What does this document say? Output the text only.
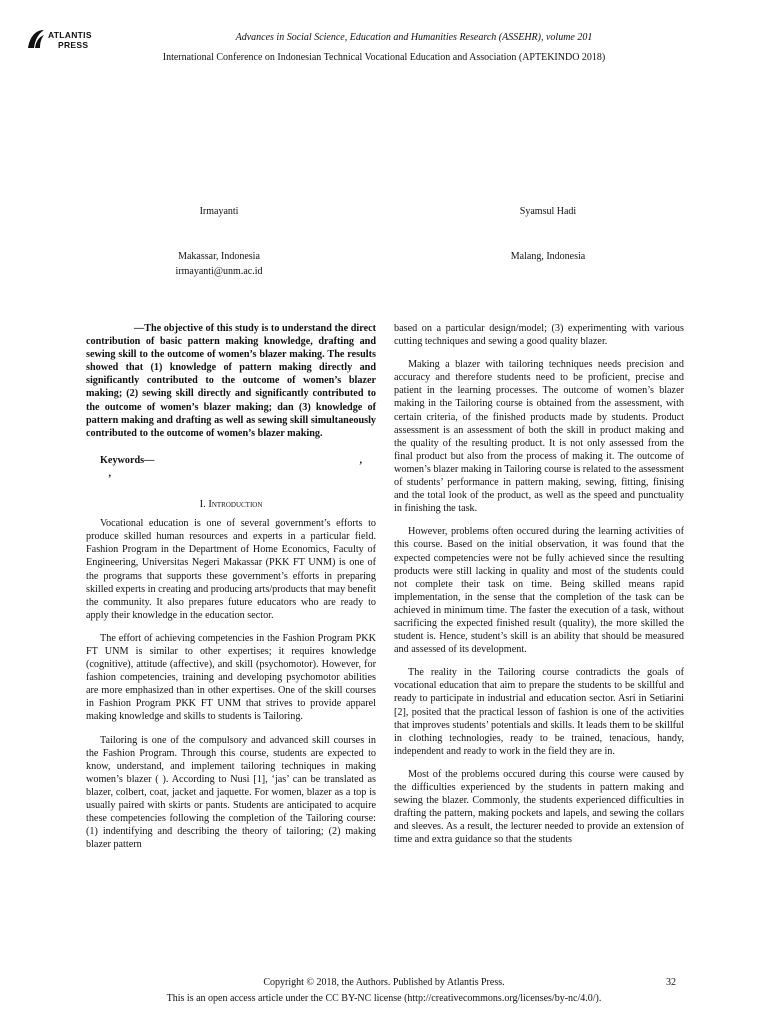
ATLANTIS
PRESS
Advances in Social Science, Education and Humanities Research (ASSEHR), volume 201
International Conference on Indonesian Technical Vocational Education and Association (APTEKINDO 2018)
Irmayanti
Makassar, Indonesia
irmayanti@unm.ac.id
Syamsul Hadi
Malang, Indonesia

—The objective of this study is to understand the direct contribution of basic pattern making knowledge, drafting and sewing skill to the outcome of women’s blazer making. The results showed that (1) knowledge of pattern making directly and significantly contributed to the outcome of women’s blazer making; (2) sewing skill directly and significantly contributed to the outcome of women’s blazer making; dan (3) knowledge of pattern making and drafting as well as sewing skill simultaneously contributed to the outcome of women’s blazer making.

Keywords—	,
,

I. Introduction

Vocational education is one of several government’s efforts to produce skilled human resources and experts in a particular field. Fashion Program in the Department of Home Economics, Faculty of Engineering, Universitas Negeri Makassar (PKK FT UNM) is one of the programs that supports these government’s efforts in preparing skilled experts in creating and producing arts/products that may benefit the community. It also prepares future educators who are ready to apply their knowledge in the education sector.

The effort of achieving competencies in the Fashion Program PKK FT UNM is similar to other expertises; it requires knowledge (cognitive), attitude (affective), and skill (psychomotor). However, for fashion competencies, training and developing psychomotor abilities are more emphasized than in other expertises. One of the skill courses in Fashion Program PKK FT UNM that strives to provide apparel making knowledge and skills to students is Tailoring.

Tailoring is one of the compulsory and advanced skill courses in the Fashion Program. Through this course, students are expected to know, understand, and implement tailoring techniques in making women’s blazer ( ). According to Nusi [1], ‘jas’ can be translated as blazer, colbert, coat, jacket and jaquette. For women, blazer as a top is usually paired with skirts or pants. Students are anticipated to acquire these competencies following the completion of the Tailoring course: (1) indentifying and describing the theory of tailoring; (2) making blazer pattern

based on a particular design/model; (3) experimenting with various cutting techniques and sewing a good quality blazer.

Making a blazer with tailoring techniques needs precision and accuracy and therefore students need to be proficient, precise and patient in the learning processes. The outcome of women’s blazer making in the Tailoring course is obtained from the assessment, with certain criteria, of the finished products made by students. Product assessment is an assessment of both the skill in product making and the quality of the resulting product. It is not only assessed from the final product but also from the process of making it. The outcome of women’s blazer making in Tailoring course is related to the assessment of students’ performance in pattern making, sewing, fitting, finising and the total look of the product, as well as the speed and punctuality in finishing the task.

However, problems often occured during the learning activities of this course. Based on the initial observation, it was found that the expected competencies were not be fully achieved since the resulting products were still lacking in quality and most of the students could not complete their task on time. Being skilled means rapid implementation, in the sense that the completion of the task can be achieved in minimum time. The faster the execution of a task, without sacrificing the expected finished result (quality), the more skilled the student is. Hence, student’s skill is an ability that should be measured and assessed of its development.

The reality in the Tailoring course contradicts the goals of vocational education that aim to prepare the students to be skillful and ready to participate in industrial and education sector. Asri in Setiarini [2], posited that the practical lesson of fashion is one of the activities that improves students’ potentials and skills. It leads them to be skillful in clothing technologies, ready to be trained, tenacious, handy, independent and ready to work in the field they are in.

Most of the problems occured during this course were caused by the difficulties experienced by the students in pattern making and sewing the blazer. Commonly, the students experienced difficulties in drafting the pattern, making pockets and lapels, and sewing the collars and sleeves. As a result, the lecturer needed to provide an extension of time and extra guidance so that the students

Copyright © 2018, the Authors. Published by Atlantis Press.	32
This is an open access article under the CC BY-NC license (http://creativecommons.org/licenses/by-nc/4.0/).
